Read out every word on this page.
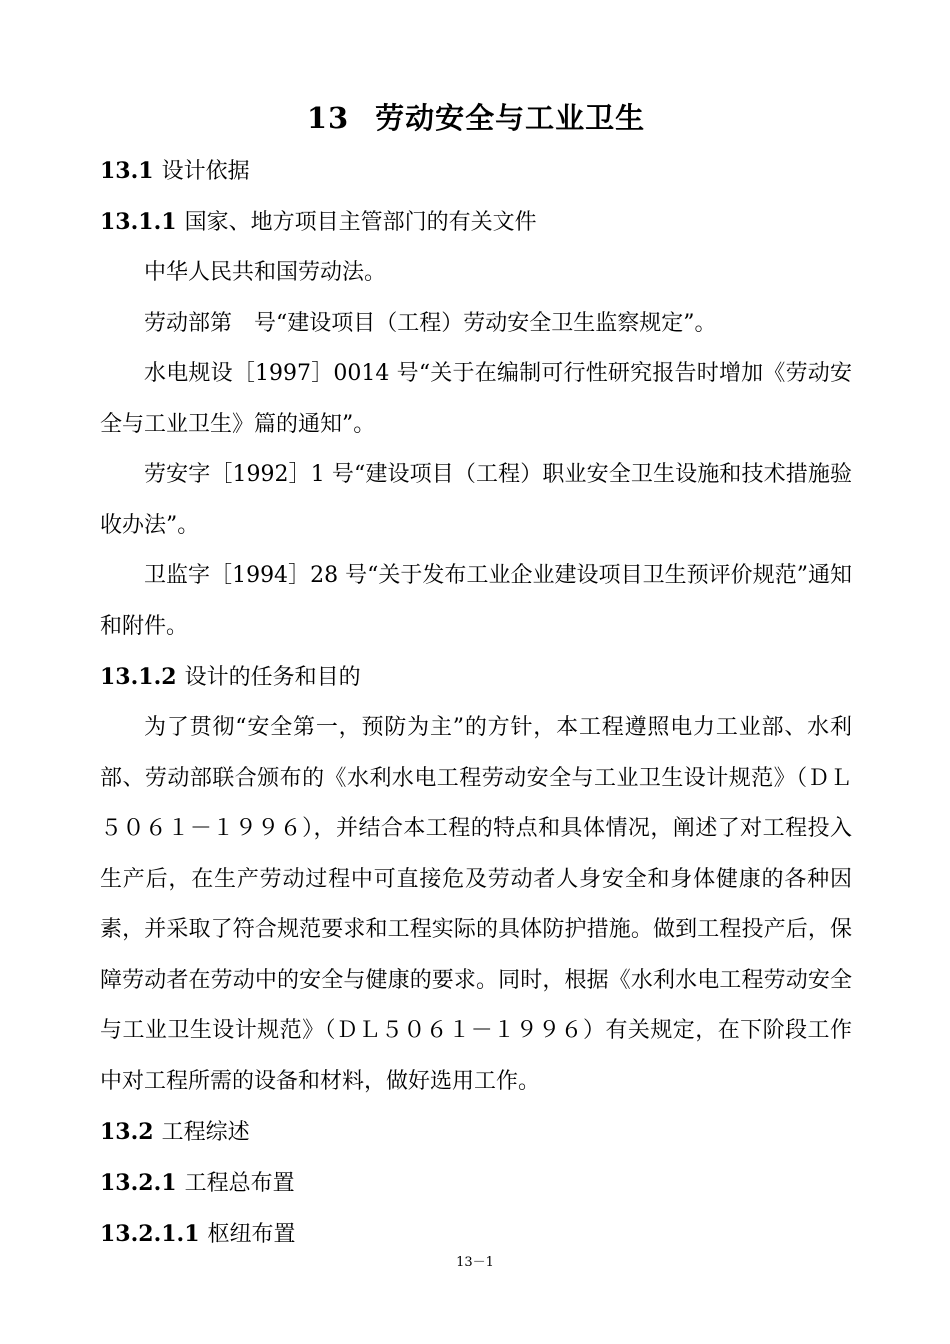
13 劳动安全与工业卫生

13.1 设计依据

13.1.1 国家、地方项目主管部门的有关文件

中华人民共和国劳动法。

劳动部第　号“建设项目（工程）劳动安全卫生监察规定”。

水电规设［1997］0014 号“关于在编制可行性研究报告时增加《劳动安全与工业卫生》篇的通知”。

劳安字［1992］1 号“建设项目（工程）职业安全卫生设施和技术措施验收办法”。

卫监字［1994］28 号“关于发布工业企业建设项目卫生预评价规范”通知和附件。

13.1.2 设计的任务和目的

为了贯彻“安全第一，预防为主”的方针，本工程遵照电力工业部、水利部、劳动部联合颁布的《水利水电工程劳动安全与工业卫生设计规范》（ＤＬ５０６１－１９９６），并结合本工程的特点和具体情况，阐述了对工程投入生产后，在生产劳动过程中可直接危及劳动者人身安全和身体健康的各种因素，并采取了符合规范要求和工程实际的具体防护措施。做到工程投产后，保障劳动者在劳动中的安全与健康的要求。同时，根据《水利水电工程劳动安全与工业卫生设计规范》（ＤＬ５０６１－１９９６）有关规定，在下阶段工作中对工程所需的设备和材料，做好选用工作。

13.2 工程综述

13.2.1 工程总布置

13.2.1.1 枢纽布置

13－1
